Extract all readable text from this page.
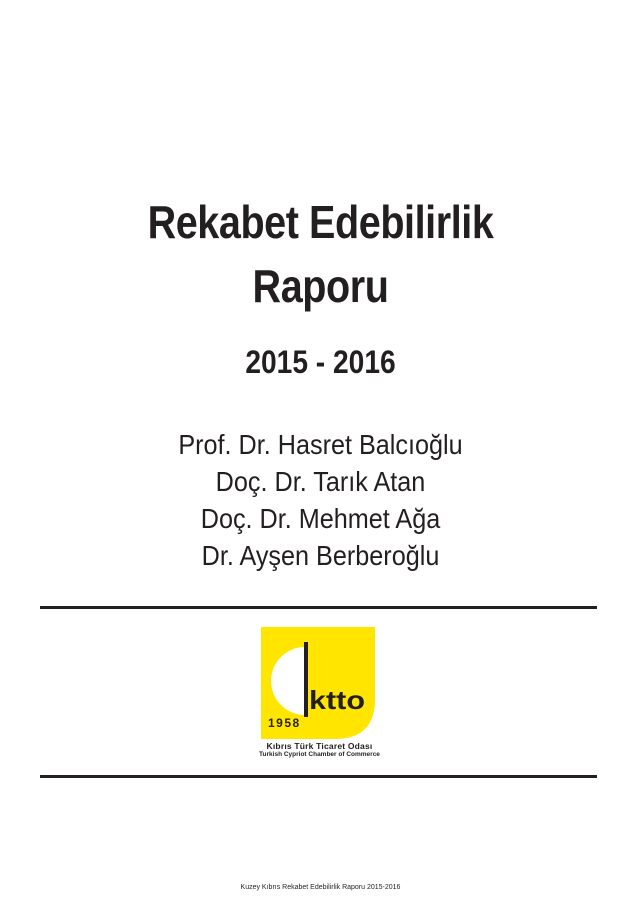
Rekabet Edebilirlik
Raporu
2015 - 2016
Prof. Dr. Hasret Balcıoğlu
Doç. Dr. Tarık Atan
Doç. Dr. Mehmet Ağa
Dr. Ayşen Berberoğlu
ktto
1958
Kıbrıs Türk Ticaret Odası
Turkish Cypriot Chamber of Commerce
Kuzey Kıbrıs Rekabet Edebilirlik Raporu 2015-2016
